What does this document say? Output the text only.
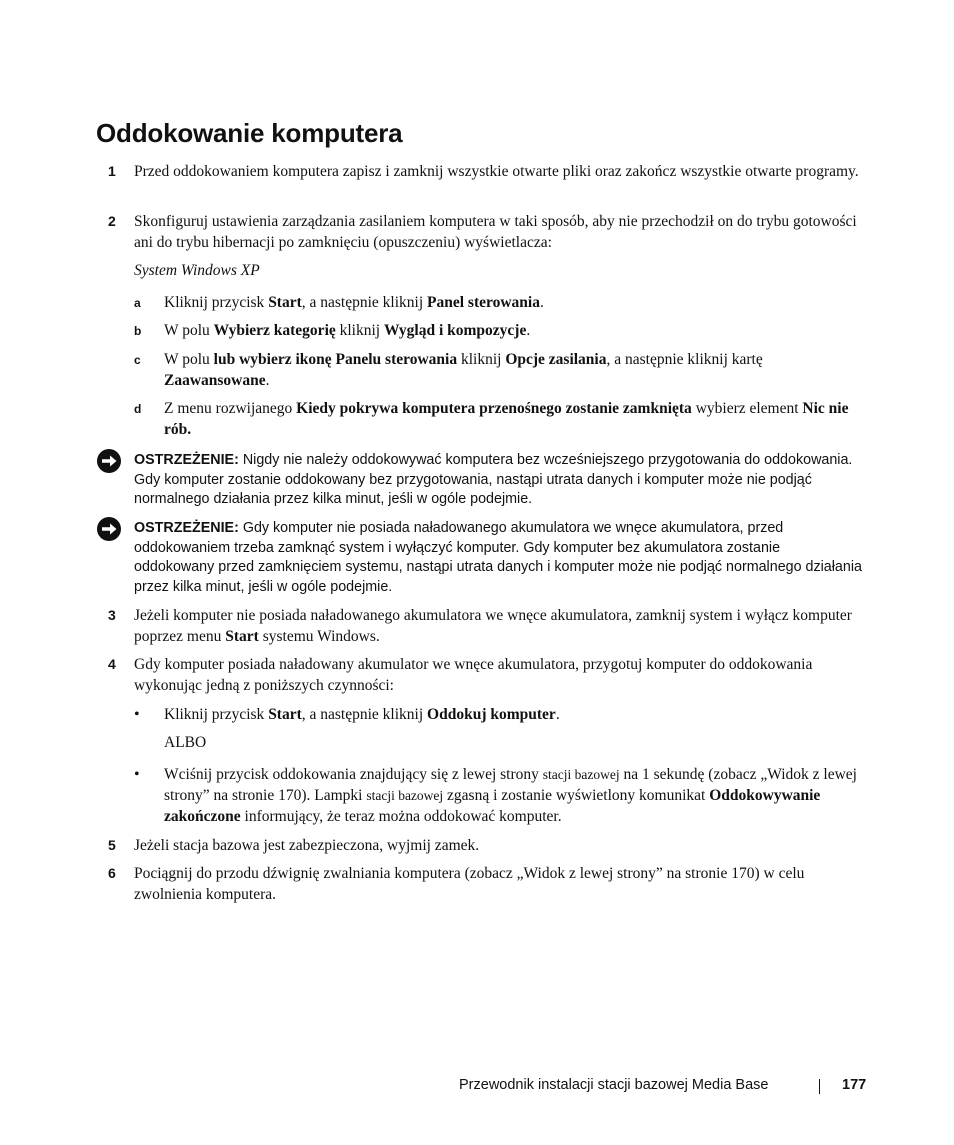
Oddokowanie komputera
1 Przed oddokowaniem komputera zapisz i zamknij wszystkie otwarte pliki oraz zakończ wszystkie otwarte programy.
2 Skonfiguruj ustawienia zarządzania zasilaniem komputera w taki sposób, aby nie przechodził on do trybu gotowości ani do trybu hibernacji po zamknięciu (opuszczeniu) wyświetlacza:
System Windows XP
a Kliknij przycisk Start, a następnie kliknij Panel sterowania.
b W polu Wybierz kategorię kliknij Wygląd i kompozycje.
c W polu lub wybierz ikonę Panelu sterowania kliknij Opcje zasilania, a następnie kliknij kartę Zaawansowane.
d Z menu rozwijanego Kiedy pokrywa komputera przenośnego zostanie zamknięta wybierz element Nic nie rób.
OSTRZEŻENIE: Nigdy nie należy oddokowywać komputera bez wcześniejszego przygotowania do oddokowania. Gdy komputer zostanie oddokowany bez przygotowania, nastąpi utrata danych i komputer może nie podjąć normalnego działania przez kilka minut, jeśli w ogóle podejmie.
OSTRZEŻENIE: Gdy komputer nie posiada naładowanego akumulatora we wnęce akumulatora, przed oddokowaniem trzeba zamknąć system i wyłączyć komputer. Gdy komputer bez akumulatora zostanie oddokowany przed zamknięciem systemu, nastąpi utrata danych i komputer może nie podjąć normalnego działania przez kilka minut, jeśli w ogóle podejmie.
3 Jeżeli komputer nie posiada naładowanego akumulatora we wnęce akumulatora, zamknij system i wyłącz komputer poprzez menu Start systemu Windows.
4 Gdy komputer posiada naładowany akumulator we wnęce akumulatora, przygotuj komputer do oddokowania wykonując jedną z poniższych czynności:
• Kliknij przycisk Start, a następnie kliknij Oddokuj komputer.
ALBO
• Wciśnij przycisk oddokowania znajdujący się z lewej strony stacji bazowej na 1 sekundę (zobacz „Widok z lewej strony” na stronie 170). Lampki stacji bazowej zgasną i zostanie wyświetlony komunikat Oddokowywanie zakończone informujący, że teraz można oddokować komputer.
5 Jeżeli stacja bazowa jest zabezpieczona, wyjmij zamek.
6 Pociągnij do przodu dźwignię zwalniania komputera (zobacz „Widok z lewej strony” na stronie 170) w celu zwolnienia komputera.
Przewodnik instalacji stacji bazowej Media Base	177
